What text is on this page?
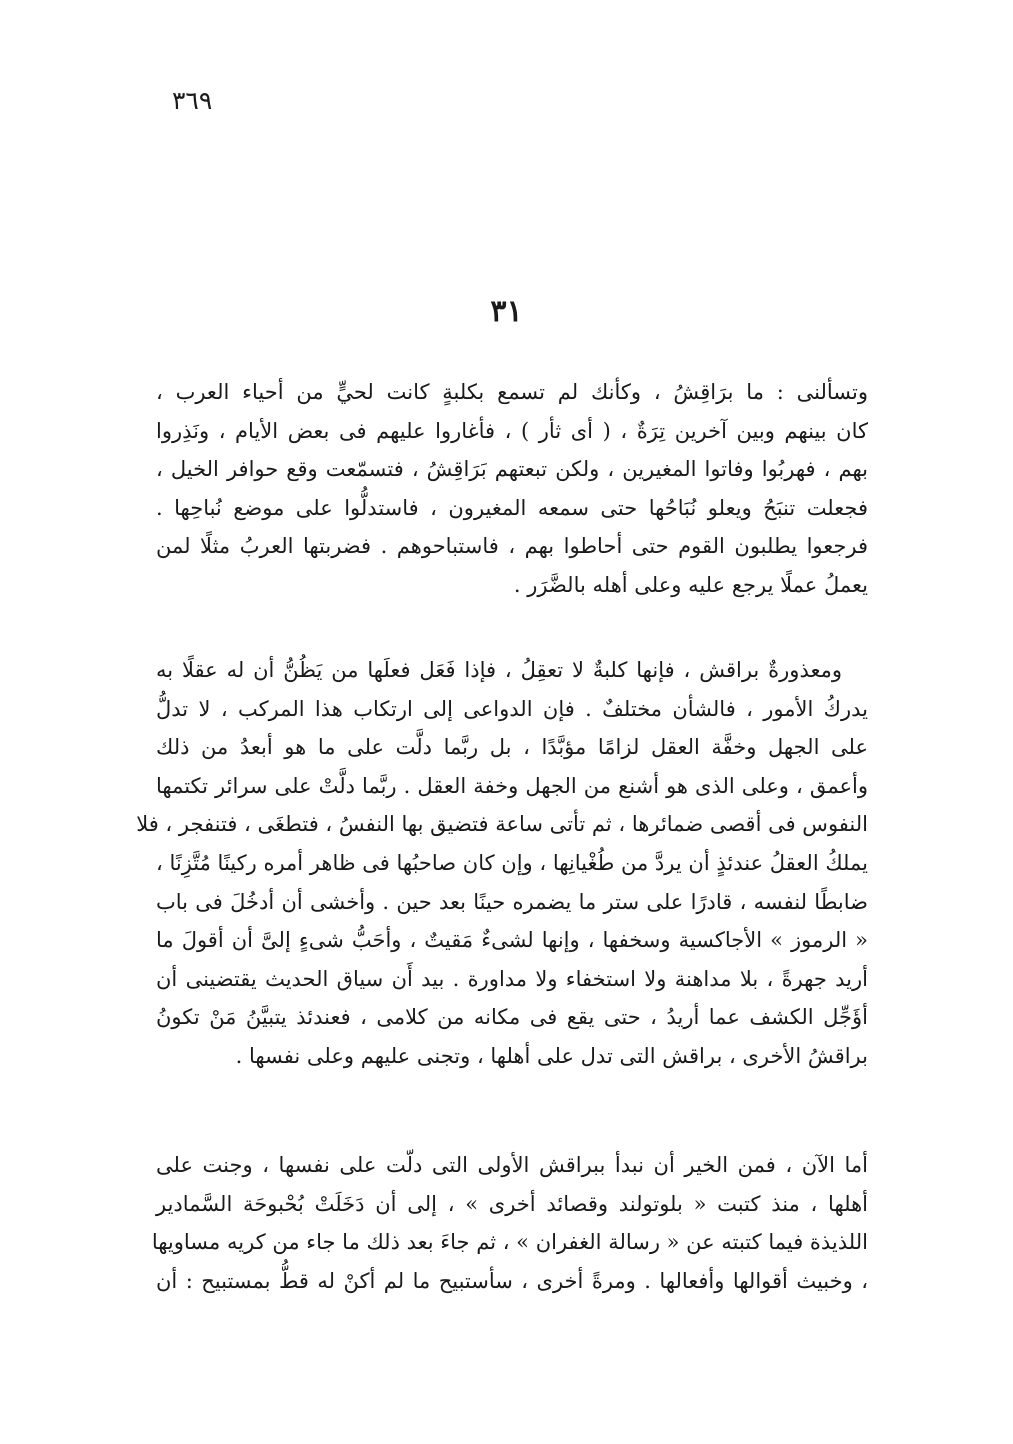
٣٦٩
٣١
وتسألنى : ما برَاقِشُ ، وكأنك لم تسمع بكلبةٍ كانت لحيٍّ من أحياء العرب ،
كان بينهم وبين آخرين تِرَةٌ ، ( أى ثأر ) ، فأغاروا عليهم فى بعض الأيام ، ونَذِروا
بهم ، فهربُوا وفاتوا المغيرين ، ولكن تبعتهم بَرَاقِشُ ، فتسمّعت وقع حوافر الخيل ،
فجعلت تنبَحُ ويعلو نُبَاحُها حتى سمعه المغيرون ، فاستدلُّوا على موضع نُباحِها .
فرجعوا يطلبون القوم حتى أحاطوا بهم ، فاستباحوهم . فضربتها العربُ مثلًا لمن
يعملُ عملًا يرجع عليه وعلى أهله بالضَّرَر .
ومعذورةٌ براقش ، فإنها كلبةٌ لا تعقِلُ ، فإذا فَعَل فعلَها من يَظُنُّ أن له عقلًا به
يدركُ الأمور ، فالشأن مختلفٌ . فإن الدواعى إلى ارتكاب هذا المركب ، لا تدلُّ
على الجهل وخفَّة العقل لزامًا مؤبَّدًا ، بل ربَّما دلَّت على ما هو أبعدُ من ذلك
وأعمق ، وعلى الذى هو أشنع من الجهل وخفة العقل . ربَّما دلَّتْ على سرائر تكتمها
النفوس فى أقصى ضمائرها ، ثم تأتى ساعة فتضيق بها النفسُ ، فتطغَى ، فتنفجر ، فلا
يملكُ العقلُ عندئذٍ أن يردَّ من طُغْيانِها ، وإن كان صاحبُها فى ظاهر أمره ركينًا مُتَّزِنًا ،
ضابطًا لنفسه ، قادرًا على ستر ما يضمره حينًا بعد حين . وأخشى أن أدخُلَ فى باب
« الرموز » الأجاكسية وسخفها ، وإنها لشىءٌ مَقيتٌ ، وأحَبُّ شىءٍ إلىَّ أن أقولَ ما
أريد جهرةً ، بلا مداهنة ولا استخفاء ولا مداورة . بيد أَن سياق الحديث يقتضينى أن
أؤَجِّل الكشف عما أريدُ ، حتى يقع فى مكانه من كلامى ، فعندئذ يتبيَّنُ مَنْ تكونُ
براقشُ الأخرى ، براقش التى تدل على أهلها ، وتجنى عليهم وعلى نفسها .
أما الآن ، فمن الخير أن نبدأ ببراقش الأولى التى دلّت على نفسها ، وجنت على
أهلها ، منذ كتبت « بلوتولند وقصائد أخرى » ، إلى أن دَخَلَتْ بُحْبوحَة السَّمادير
اللذيذة فيما كتبته عن « رسالة الغفران » ، ثم جاءَ بعد ذلك ما جاء من كريه مساويها
، وخبيث أقوالها وأفعالها . ومرةً أخرى ، سأستبيح ما لم أكنْ له قطُّ بمستبيح : أن
